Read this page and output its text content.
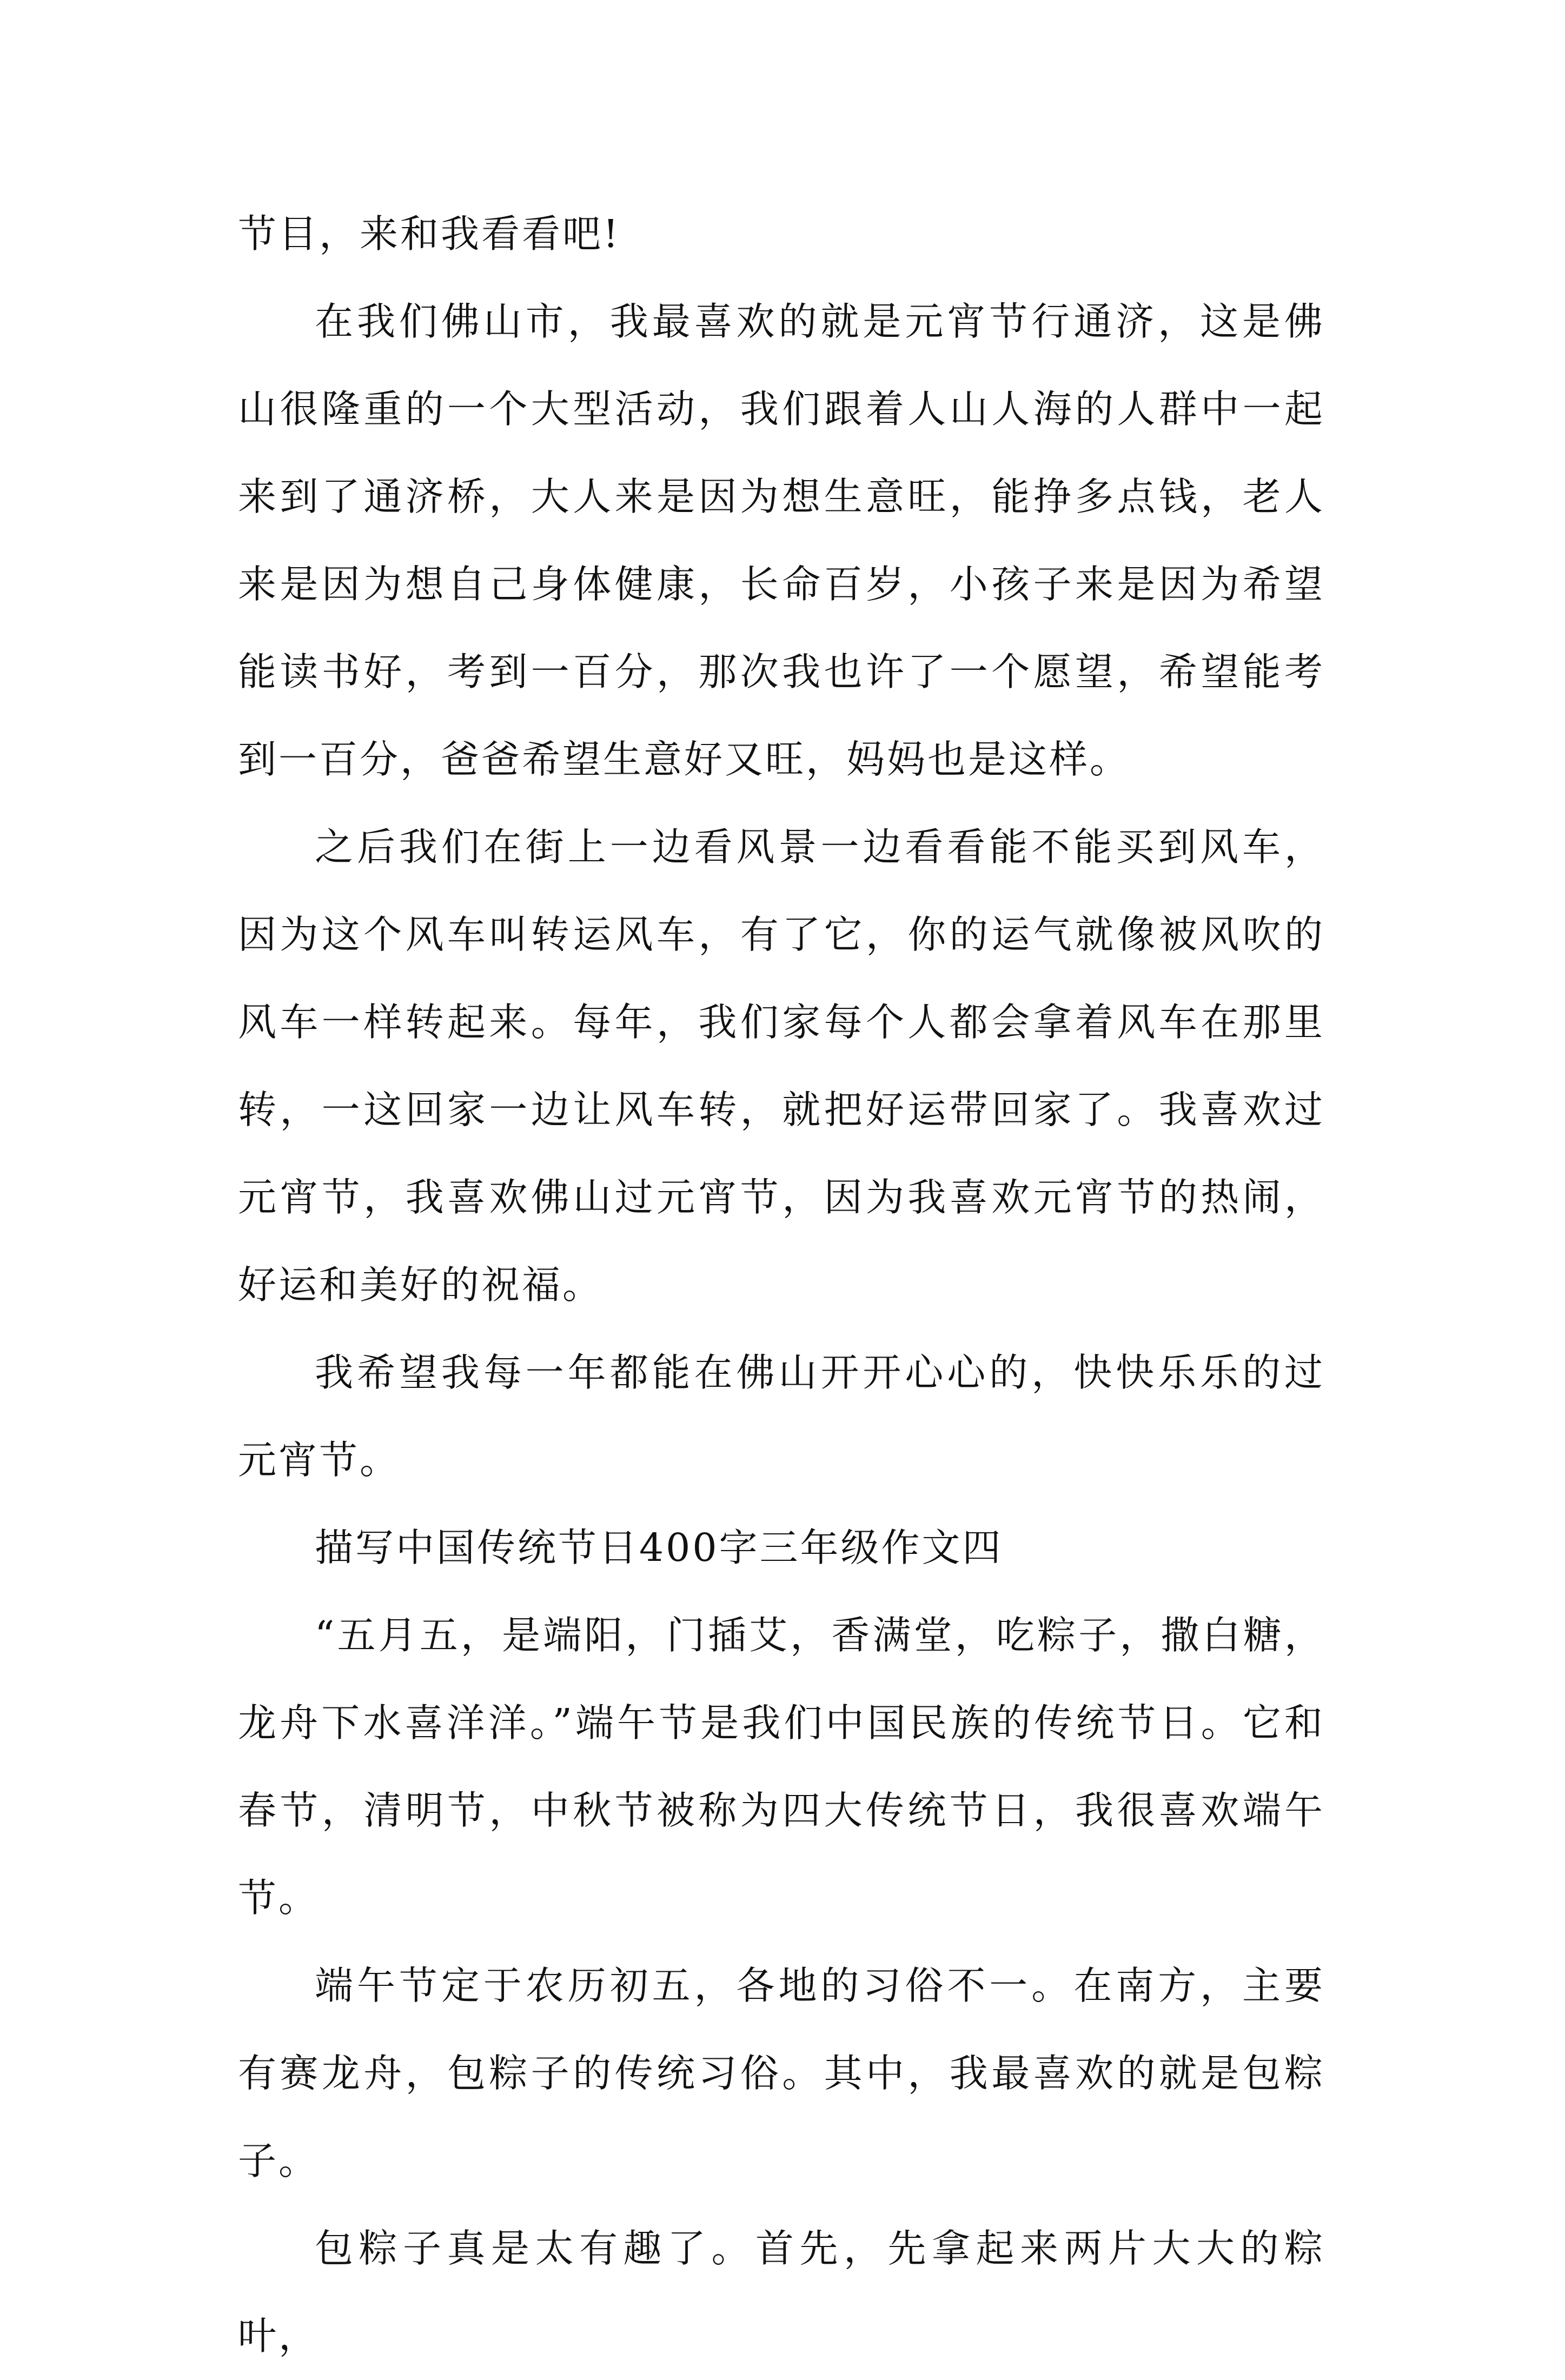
节目，来和我看看吧!

在我们佛山市，我最喜欢的就是元宵节行通济，这是佛山很隆重的一个大型活动，我们跟着人山人海的人群中一起来到了通济桥，大人来是因为想生意旺，能挣多点钱，老人来是因为想自己身体健康，长命百岁，小孩子来是因为希望能读书好，考到一百分，那次我也许了一个愿望，希望能考到一百分，爸爸希望生意好又旺，妈妈也是这样。

之后我们在街上一边看风景一边看看能不能买到风车，因为这个风车叫转运风车，有了它，你的运气就像被风吹的风车一样转起来。每年，我们家每个人都会拿着风车在那里转，一这回家一边让风车转，就把好运带回家了。我喜欢过元宵节，我喜欢佛山过元宵节，因为我喜欢元宵节的热闹，好运和美好的祝福。

我希望我每一年都能在佛山开开心心的，快快乐乐的过元宵节。

描写中国传统节日400字三年级作文四

“五月五，是端阳，门插艾，香满堂，吃粽子，撒白糖，龙舟下水喜洋洋。”端午节是我们中国民族的传统节日。它和春节，清明节，中秋节被称为四大传统节日，我很喜欢端午节。

端午节定于农历初五，各地的习俗不一。在南方，主要有赛龙舟，包粽子的传统习俗。其中，我最喜欢的就是包粽子。

包粽子真是太有趣了。首先，先拿起来两片大大的粽叶，
